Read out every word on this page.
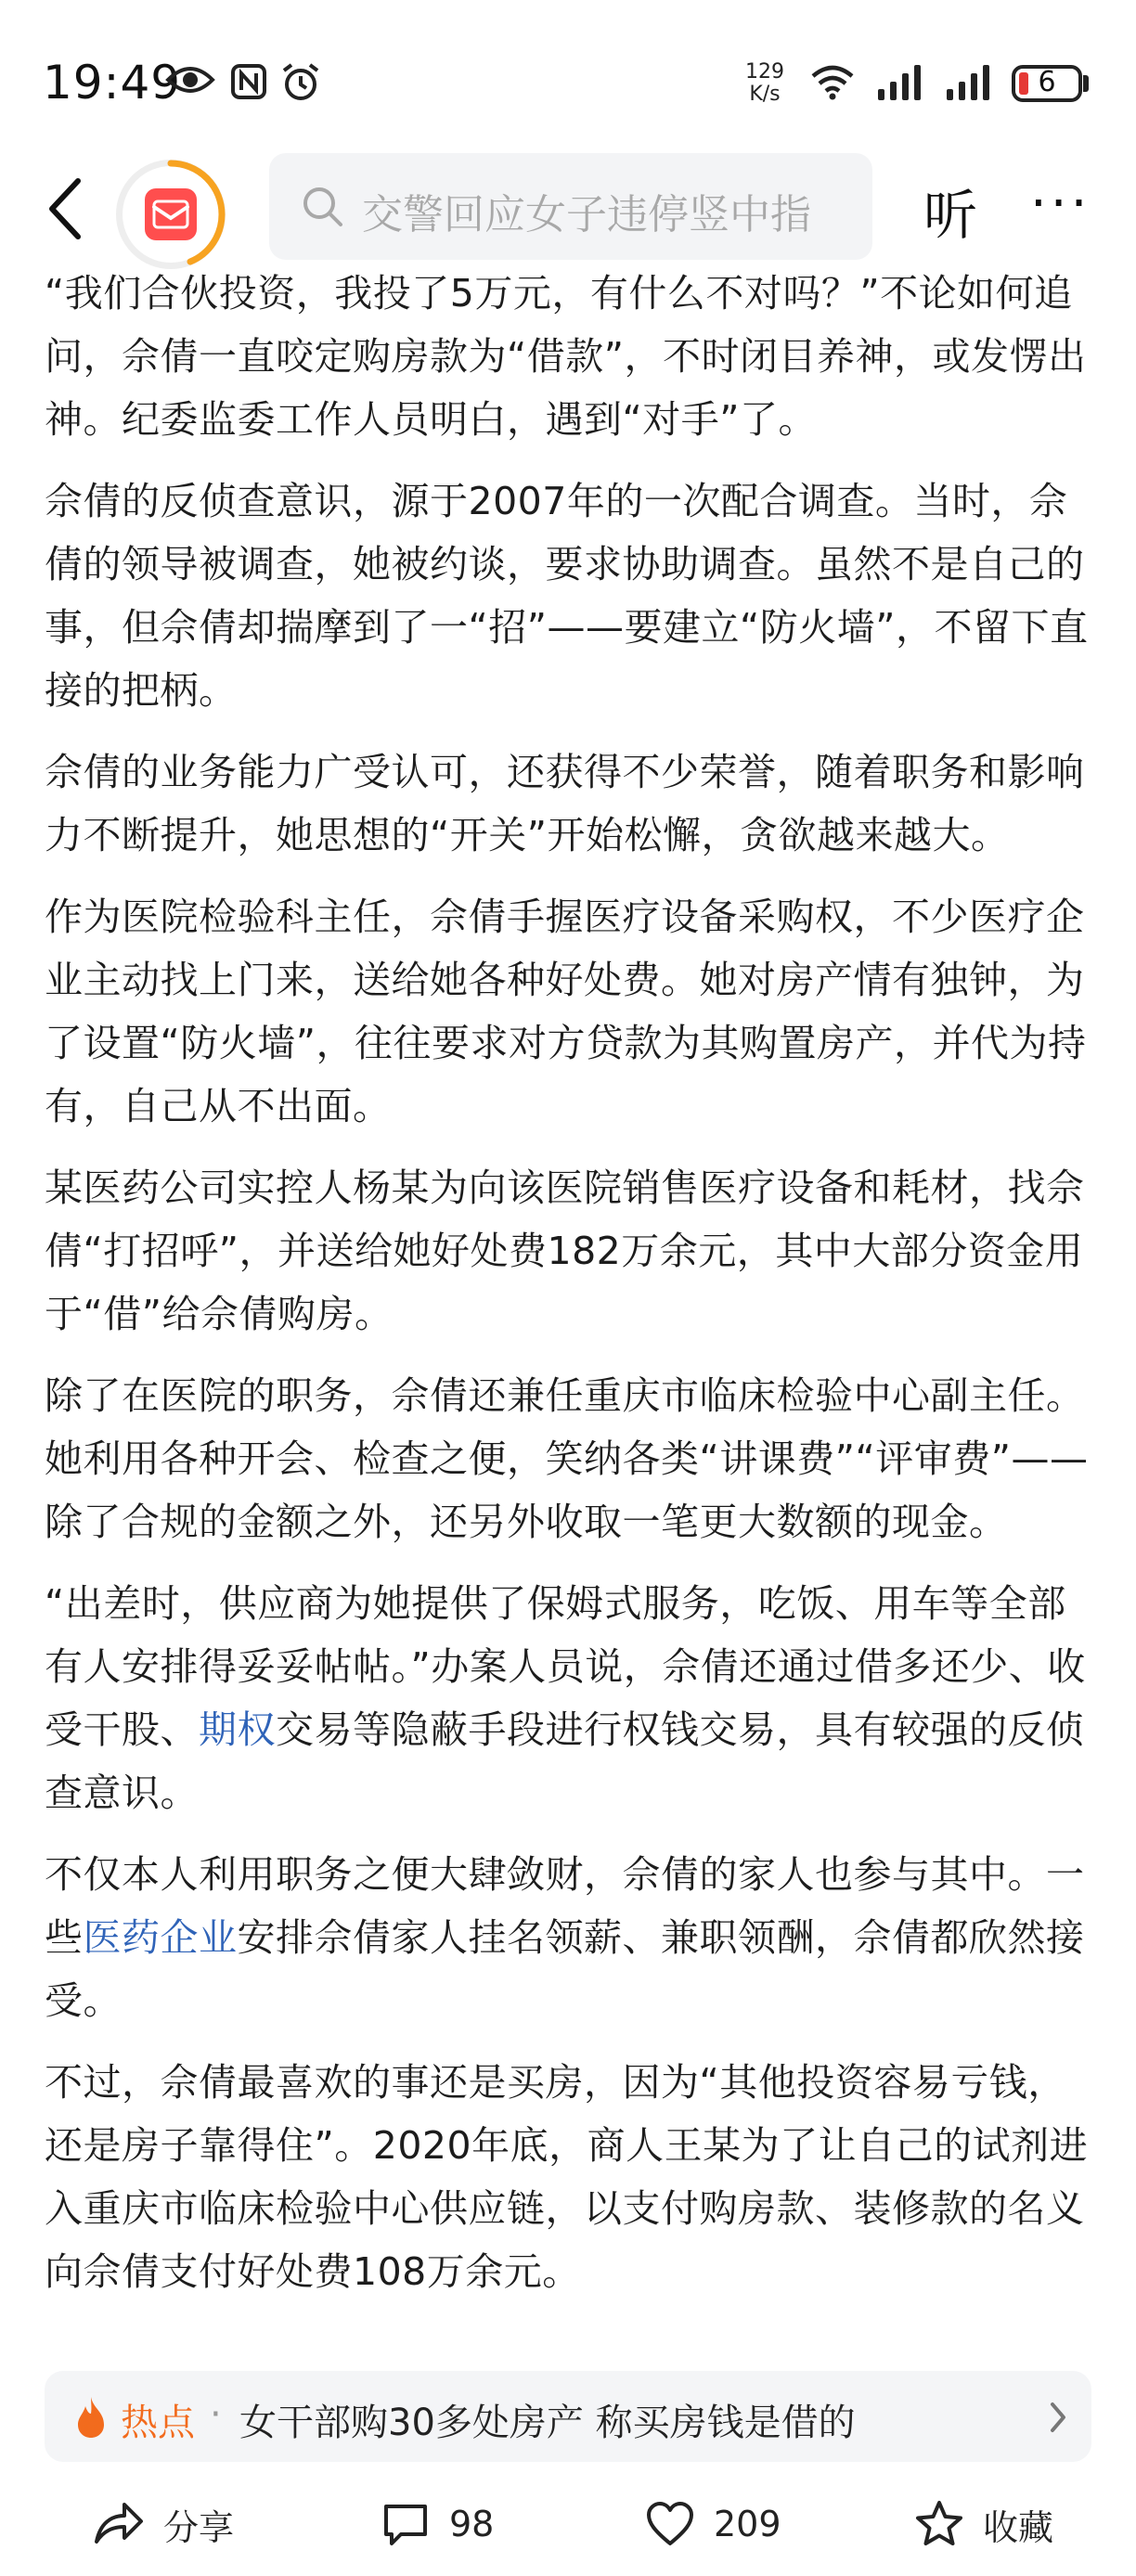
19:49	129
K/s	6
交警回应女子违停竖中指 听 ···

“我们合伙投资，我投了5万元，有什么不对吗？”不论如何追问，佘倩一直咬定购房款为“借款”，不时闭目养神，或发愣出神。纪委监委工作人员明白，遇到“对手”了。

佘倩的反侦查意识，源于2007年的一次配合调查。当时，佘倩的领导被调查，她被约谈，要求协助调查。虽然不是自己的事，但佘倩却揣摩到了一“招”——要建立“防火墙”，不留下直接的把柄。

佘倩的业务能力广受认可，还获得不少荣誉，随着职务和影响力不断提升，她思想的“开关”开始松懈，贪欲越来越大。

作为医院检验科主任，佘倩手握医疗设备采购权，不少医疗企业主动找上门来，送给她各种好处费。她对房产情有独钟，为了设置“防火墙”，往往要求对方贷款为其购置房产，并代为持有，自己从不出面。

某医药公司实控人杨某为向该医院销售医疗设备和耗材，找佘倩“打招呼”，并送给她好处费182万余元，其中大部分资金用于“借”给佘倩购房。

除了在医院的职务，佘倩还兼任重庆市临床检验中心副主任。她利用各种开会、检查之便，笑纳各类“讲课费”“评审费”——除了合规的金额之外，还另外收取一笔更大数额的现金。

“出差时，供应商为她提供了保姆式服务，吃饭、用车等全部有人安排得妥妥帖帖。”办案人员说，佘倩还通过借多还少、收受干股、期权交易等隐蔽手段进行权钱交易，具有较强的反侦查意识。

不仅本人利用职务之便大肆敛财，佘倩的家人也参与其中。一些医药企业安排佘倩家人挂名领薪、兼职领酬，佘倩都欣然接受。

不过，佘倩最喜欢的事还是买房，因为“其他投资容易亏钱，还是房子靠得住”。2020年底，商人王某为了让自己的试剂进入重庆市临床检验中心供应链，以支付购房款、装修款的名义向佘倩支付好处费108万余元。

热点 · 女干部购30多处房产 称买房钱是借的
分享	98	209	收藏
